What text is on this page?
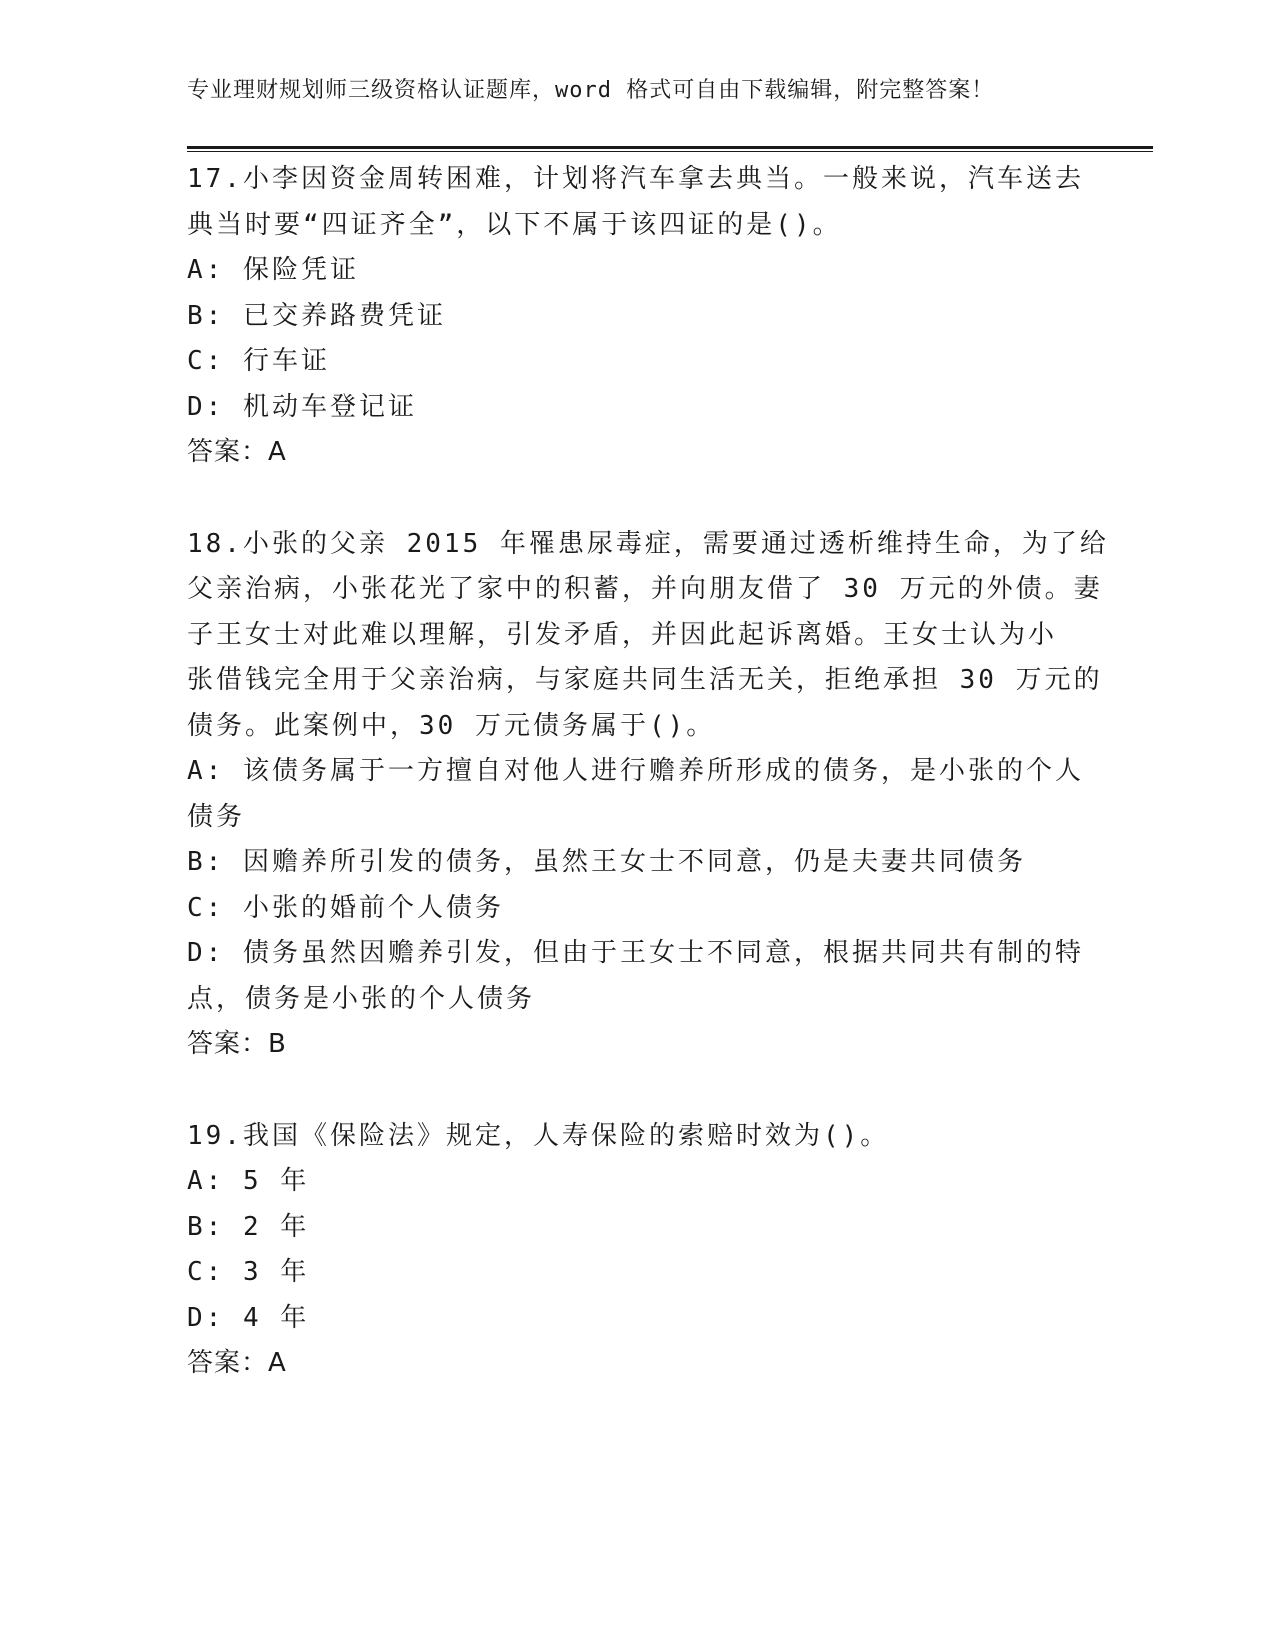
专业理财规划师三级资格认证题库，word 格式可自由下载编辑，附完整答案！
17.小李因资金周转困难，计划将汽车拿去典当。一般来说，汽车送去
典当时要“四证齐全”，以下不属于该四证的是()。
A: 保险凭证
B: 已交养路费凭证
C: 行车证
D: 机动车登记证
答案：A
18.小张的父亲 2015 年罹患尿毒症，需要通过透析维持生命，为了给
父亲治病，小张花光了家中的积蓄，并向朋友借了 30 万元的外债。妻
子王女士对此难以理解，引发矛盾，并因此起诉离婚。王女士认为小
张借钱完全用于父亲治病，与家庭共同生活无关，拒绝承担 30 万元的
债务。此案例中，30 万元债务属于()。
A: 该债务属于一方擅自对他人进行赡养所形成的债务，是小张的个人
债务
B: 因赡养所引发的债务，虽然王女士不同意，仍是夫妻共同债务
C: 小张的婚前个人债务
D: 债务虽然因赡养引发，但由于王女士不同意，根据共同共有制的特
点，债务是小张的个人债务
答案：B
19.我国《保险法》规定，人寿保险的索赔时效为()。
A: 5 年
B: 2 年
C: 3 年
D: 4 年
答案：A
